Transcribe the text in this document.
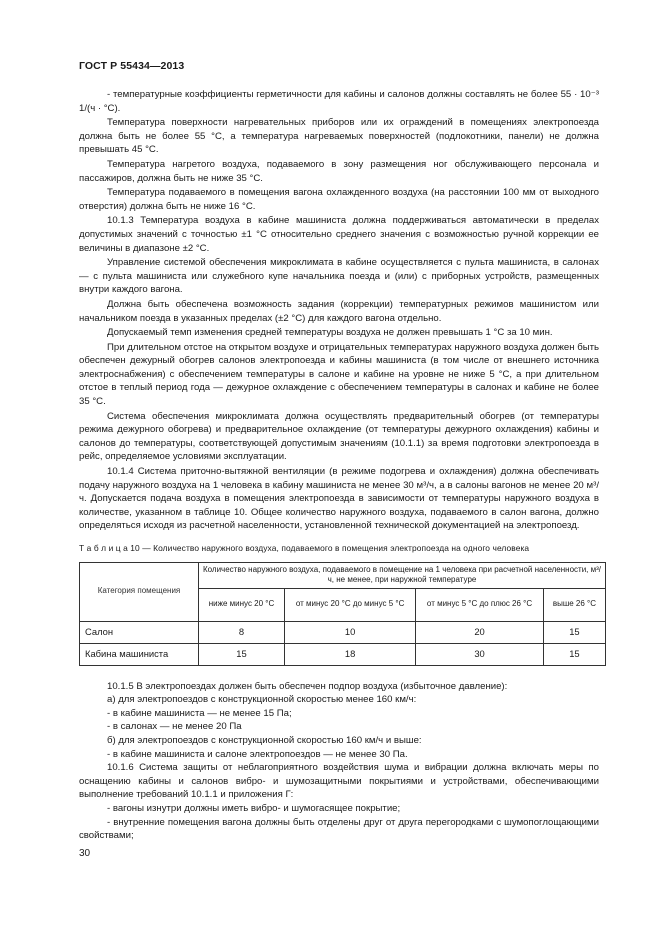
ГОСТ Р 55434—2013

- температурные коэффициенты герметичности для кабины и салонов должны составлять не более 55 · 10⁻³ 1/(ч · °С).

Температура поверхности нагревательных приборов или их ограждений в помещениях электропоезда должна быть не более 55 °С, а температура нагреваемых поверхностей (подлокотники, панели) не должна превышать 45 °С.

Температура нагретого воздуха, подаваемого в зону размещения ног обслуживающего персонала и пассажиров, должна быть не ниже 35 °С.

Температура подаваемого в помещения вагона охлажденного воздуха (на расстоянии 100 мм от выходного отверстия) должна быть не ниже 16 °С.

10.1.3 Температура воздуха в кабине машиниста должна поддерживаться автоматически в пределах допустимых значений с точностью ±1 °С относительно среднего значения с возможностью ручной коррекции ее величины в диапазоне ±2 °С.

Управление системой обеспечения микроклимата в кабине осуществляется с пульта машиниста, в салонах — с пульта машиниста или служебного купе начальника поезда и (или) с приборных устройств, размещенных внутри каждого вагона.

Должна быть обеспечена возможность задания (коррекции) температурных режимов машинистом или начальником поезда в указанных пределах (±2 °С) для каждого вагона отдельно.

Допускаемый темп изменения средней температуры воздуха не должен превышать 1 °С за 10 мин.

При длительном отстое на открытом воздухе и отрицательных температурах наружного воздуха должен быть обеспечен дежурный обогрев салонов электропоезда и кабины машиниста (в том числе от внешнего источника электроснабжения) с обеспечением температуры в салоне и кабине на уровне не ниже 5 °С, а при длительном отстое в теплый период года — дежурное охлаждение с обеспечением температуры в салонах и кабине не более 35 °С.

Система обеспечения микроклимата должна осуществлять предварительный обогрев (от температуры режима дежурного обогрева) и предварительное охлаждение (от температуры дежурного охлаждения) кабины и салонов до температуры, соответствующей допустимым значениям (10.1.1) за время подготовки электропоезда в рейс, определяемое условиями эксплуатации.

10.1.4 Система приточно-вытяжной вентиляции (в режиме подогрева и охлаждения) должна обеспечивать подачу наружного воздуха на 1 человека в кабину машиниста не менее 30 м³/ч, а в салоны вагонов не менее 20 м³/ч. Допускается подача воздуха в помещения электропоезда в зависимости от температуры наружного воздуха в количестве, указанном в таблице 10. Общее количество наружного воздуха, подаваемого в салон вагона, должно определяться исходя из расчетной населенности, установленной технической документацией на электропоезд.

Т а б л и ц а 10 — Количество наружного воздуха, подаваемого в помещения электропоезда на одного человека

Категория помещения	Количество наружного воздуха, подаваемого в помещение на 1 человека при расчетной населенности, м³/ч, не менее, при наружной температуре			
	ниже минус 20 °С	от минус 20 °С до минус 5 °С	от минус 5 °С до плюс 26 °С	выше 26 °С
Салон	8	10	20	15
Кабина машиниста	15	18	30	15

10.1.5 В электропоездах должен быть обеспечен подпор воздуха (избыточное давление):

а) для электропоездов с конструкционной скоростью менее 160 км/ч:

- в кабине машиниста — не менее 15 Па;

- в салонах — не менее 20 Па

б) для электропоездов с конструкционной скоростью 160 км/ч и выше:

- в кабине машиниста и салоне электропоездов — не менее 30 Па.

10.1.6 Система защиты от неблагоприятного воздействия шума и вибрации должна включать меры по оснащению кабины и салонов вибро- и шумозащитными покрытиями и устройствами, обеспечивающими выполнение требований 10.1.1 и приложения Г:

- вагоны изнутри должны иметь вибро- и шумогасящее покрытие;

- внутренние помещения вагона должны быть отделены друг от друга перегородками с шумопоглощающими свойствами;

30
